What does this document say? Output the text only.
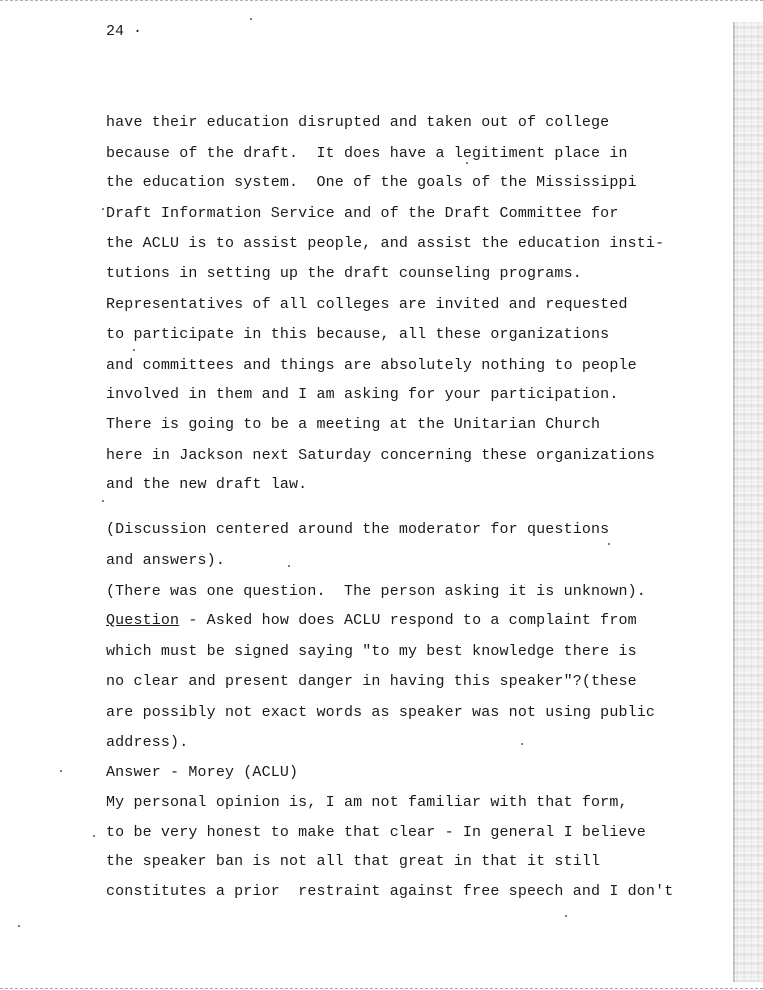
24 ·
have their education disrupted and taken out of college
because of the draft.  It does have a legitiment place in
the education system.  One of the goals of the Mississippi
Draft Information Service and of the Draft Committee for
the ACLU is to assist people, and assist the education insti-
tutions in setting up the draft counseling programs.
Representatives of all colleges are invited and requested
to participate in this because, all these organizations
and committees and things are absolutely nothing to people
involved in them and I am asking for your participation.
There is going to be a meeting at the Unitarian Church
here in Jackson next Saturday concerning these organizations
and the new draft law.
(Discussion centered around the moderator for questions
and answers).
(There was one question.  The person asking it is unknown).
Question - Asked how does ACLU respond to a complaint from
which must be signed saying "to my best knowledge there is
no clear and present danger in having this speaker"?(these
are possibly not exact words as speaker was not using public
address).
Answer - Morey (ACLU)
My personal opinion is, I am not familiar with that form,
to be very honest to make that clear - In general I believe
the speaker ban is not all that great in that it still
constitutes a prior  restraint against free speech and I don't
